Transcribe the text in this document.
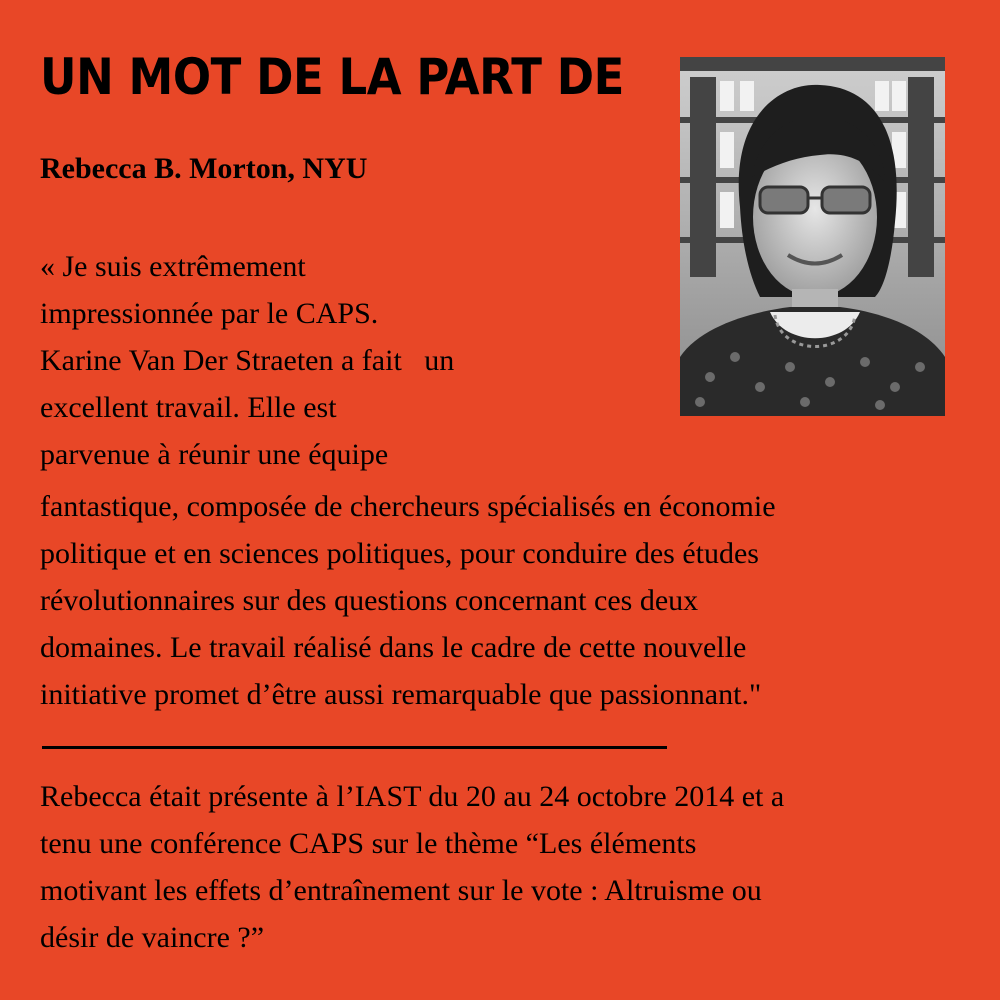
UN MOT DE LA PART DE
Rebecca B. Morton, NYU
« Je suis extrêmement
impressionnée par le CAPS.
Karine Van Der Straeten a fait   un
excellent travail. Elle est
parvenue à réunir une équipe
fantastique, composée de chercheurs spécialisés en économie
politique et en sciences politiques, pour conduire des études
révolutionnaires sur des questions concernant ces deux
domaines. Le travail réalisé dans le cadre de cette nouvelle
initiative promet d’être aussi remarquable que passionnant."
Rebecca était présente à l’IAST du 20 au 24 octobre 2014 et a
tenu une conférence CAPS sur le thème “Les éléments
motivant les effets d’entraînement sur le vote : Altruisme ou
désir de vaincre ?”
